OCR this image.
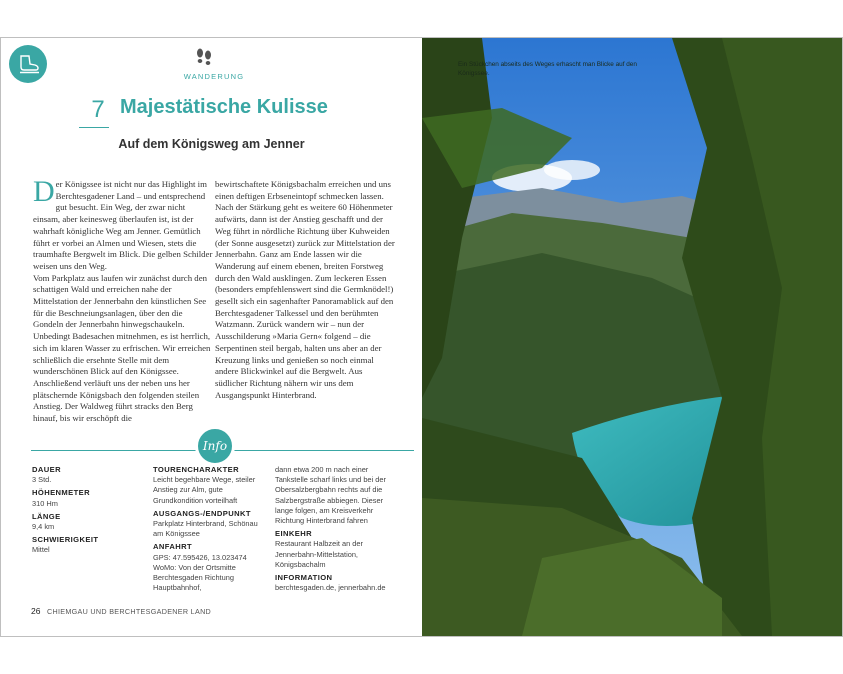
WANDERUNG
7 Majestätische Kulisse
Auf dem Königsweg am Jenner

Der Königssee ist nicht nur das Highlight im Berchtesgadener Land – und entsprechend gut besucht. Ein Weg, der zwar nicht einsam, aber keinesweg überlaufen ist, ist der wahrhaft königliche Weg am Jenner. Gemütlich führt er vorbei an Almen und Wiesen, stets die traumhafte Bergwelt im Blick. Die gelben Schilder weisen uns den Weg.

Vom Parkplatz aus laufen wir zunächst durch den schattigen Wald und erreichen nahe der Mittelstation der Jennerbahn den künstlichen See für die Beschneiungsanlagen, über den die Gondeln der Jennerbahn hinwegschaukeln. Unbedingt Badesachen mitnehmen, es ist herrlich, sich im klaren Wasser zu erfrischen. Wir erreichen schließlich die ersehnte Stelle mit dem wunderschönen Blick auf den Königssee. Anschließend verläuft uns der neben uns her plätschernde Königsbach den folgenden steilen Anstieg. Der Waldweg führt stracks den Berg hinauf, bis wir erschöpft die

bewirtschaftete Königsbachalm erreichen und uns einen deftigen Erbseneintopf schmecken lassen.

Nach der Stärkung geht es weitere 60 Höhenmeter aufwärts, dann ist der Anstieg geschafft und der Weg führt in nördliche Richtung über Kuhweiden (der Sonne ausgesetzt) zurück zur Mittelstation der Jennerbahn. Ganz am Ende lassen wir die Wanderung auf einem ebenen, breiten Forstweg durch den Wald ausklingen. Zum leckeren Essen (besonders empfehlenswert sind die Germknödel!) gesellt sich ein sagenhafter Panoramablick auf den Berchtesgadener Talkessel und den berühmten Watzmann. Zurück wandern wir – nun der Ausschilderung »Maria Gern« folgend – die Serpentinen steil bergab, halten uns aber an der Kreuzung links und genießen so noch einmal andere Blickwinkel auf die Bergwelt. Aus südlicher Richtung nähern wir uns dem Ausgangspunkt Hinterbrand.

Info
DAUER
3 Std.
HÖHENMETER
310 Hm
LÄNGE
9,4 km
SCHWIERIGKEIT
Mittel
TOURENCHARAKTER
Leicht begehbare Wege, steiler Anstieg zur Alm, gute Grundkondition vorteilhaft
AUSGANGS-/ENDPUNKT
Parkplatz Hinterbrand, Schönau am Königssee
ANFAHRT
GPS: 47.595426, 13.023474
WoMo: Von der Ortsmitte Berchtesgaden Richtung Hauptbahnhof,
dann etwa 200 m nach einer Tankstelle scharf links und bei der Obersalzbergbahn rechts auf die Salzbergstraße abbiegen. Dieser lange folgen, am Kreisverkehr Richtung Hinterbrand fahren
EINKEHR
Restaurant Halbzeit an der Jennerbahn-Mittelstation, Königsbachalm
INFORMATION
berchtesgaden.de, jennerbahn.de
26 CHIEMGAU UND BERCHTESGADENER LAND
Ein Stückchen abseits des Weges erhascht man Blicke auf den Königssee.
